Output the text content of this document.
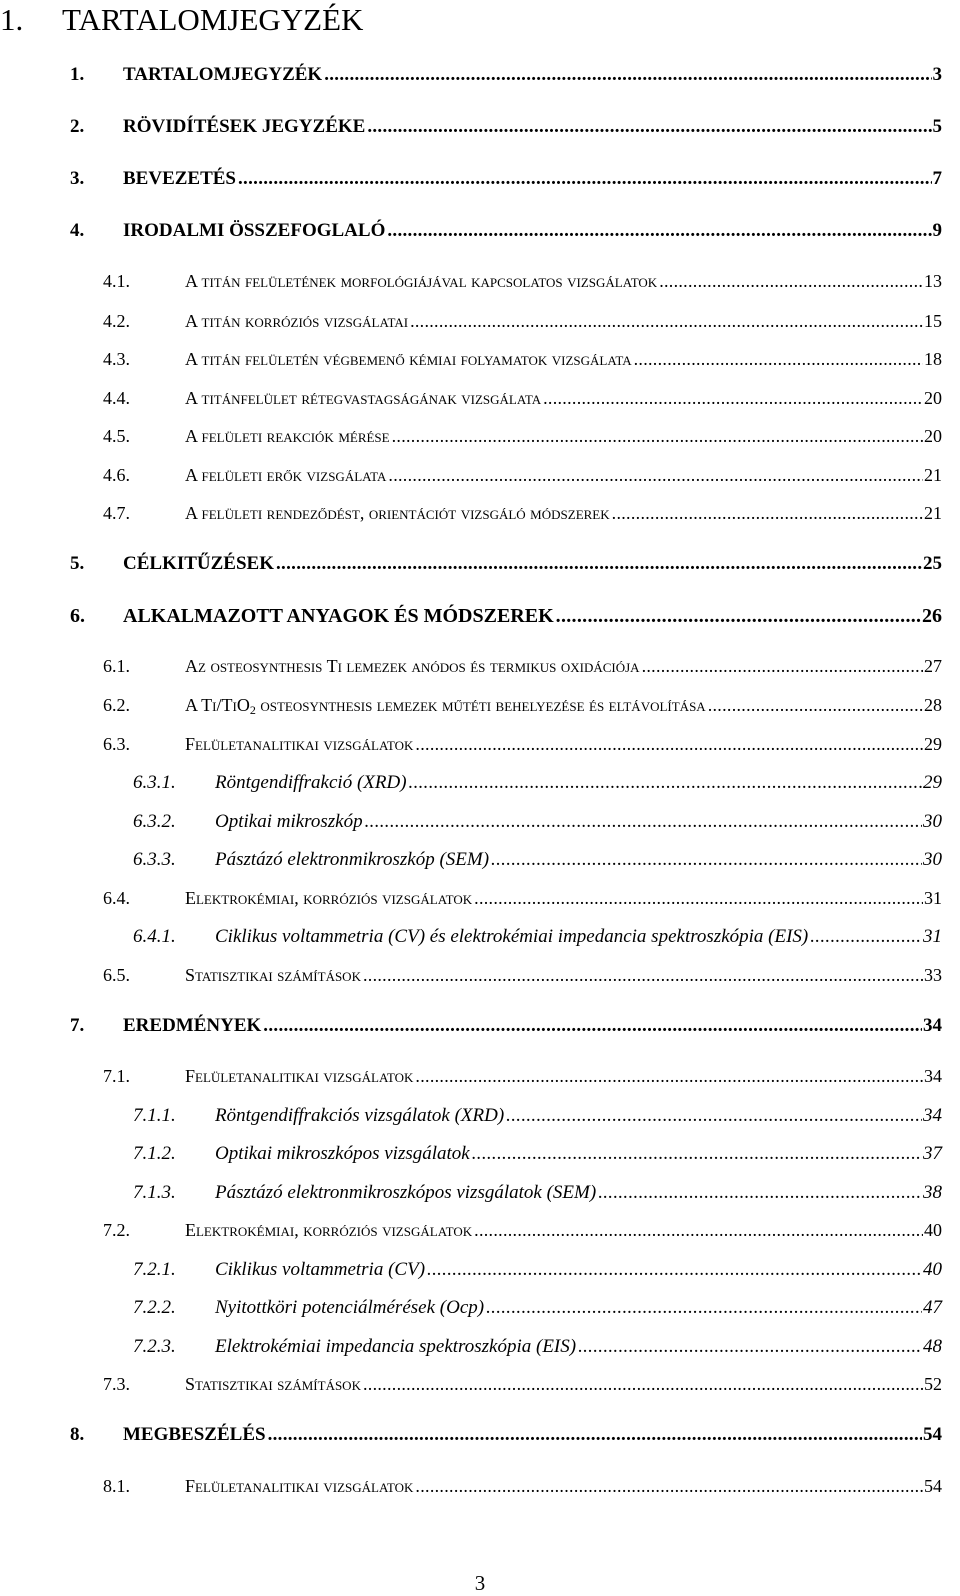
1. TARTALOMJEGYZÉK
1.	TARTALOMJEGYZÉK .....	3
2.	RÖVIDÍTÉSEK JEGYZÉKE .....	5
3.	BEVEZETÉS .....	7
4.	IRODALMI ÖSSZEFOGLALÓ .....	9
4.1.	A titán felületének morfológiájával kapcsolatos vizsgálatok .....	13
4.2.	A titán korróziós vizsgálatai .....	15
4.3.	A titán felületén végbemenő kémiai folyamatok vizsgálata .....	18
4.4.	A titánfelület rétegvastagságának vizsgálata .....	20
4.5.	A felületi reakciók mérése .....	20
4.6.	A felületi erők vizsgálata .....	21
4.7.	A felületi rendeződést, orientációt vizsgáló módszerek .....	21
5.	CÉLKITŰZÉSEK .....	25
6.	ALKALMAZOTT ANYAGOK ÉS MÓDSZEREK .....	26
6.1.	Az osteosynthesis Ti lemezek anódos és termikus oxidációja .....	27
6.2.	A Ti/TiO$_2$ osteosynthesis lemezek műtéti behelyezése és eltávolítása .....	28
6.3.	Felületanalitikai vizsgálatok .....	29
6.3.1.	Röntgendiffrakció (XRD) .....	29
6.3.2.	Optikai mikroszkóp .....	30
6.3.3.	Pásztázó elektronmikroszkóp (SEM) .....	30
6.4.	Elektrokémiai, korróziós vizsgálatok .....	31
6.4.1.	Ciklikus voltammetria (CV) és elektrokémiai impedancia spektroszkópia (EIS) .....	31
6.5.	Statisztikai számítások .....	33
7.	EREDMÉNYEK .....	34
7.1.	Felületanalitikai vizsgálatok .....	34
7.1.1.	Röntgendiffrakciós vizsgálatok (XRD) .....	34
7.1.2.	Optikai mikroszkópos vizsgálatok .....	37
7.1.3.	Pásztázó elektronmikroszkópos vizsgálatok (SEM) .....	38
7.2.	Elektrokémiai, korróziós vizsgálatok .....	40
7.2.1.	Ciklikus voltammetria (CV) .....	40
7.2.2.	Nyitottköri potenciálmérések (Ocp) .....	47
7.2.3.	Elektrokémiai impedancia spektroszkópia (EIS) .....	48
7.3.	Statisztikai számítások .....	52
8.	MEGBESZÉLÉS .....	54
8.1.	Felületanalitikai vizsgálatok .....	54
3
